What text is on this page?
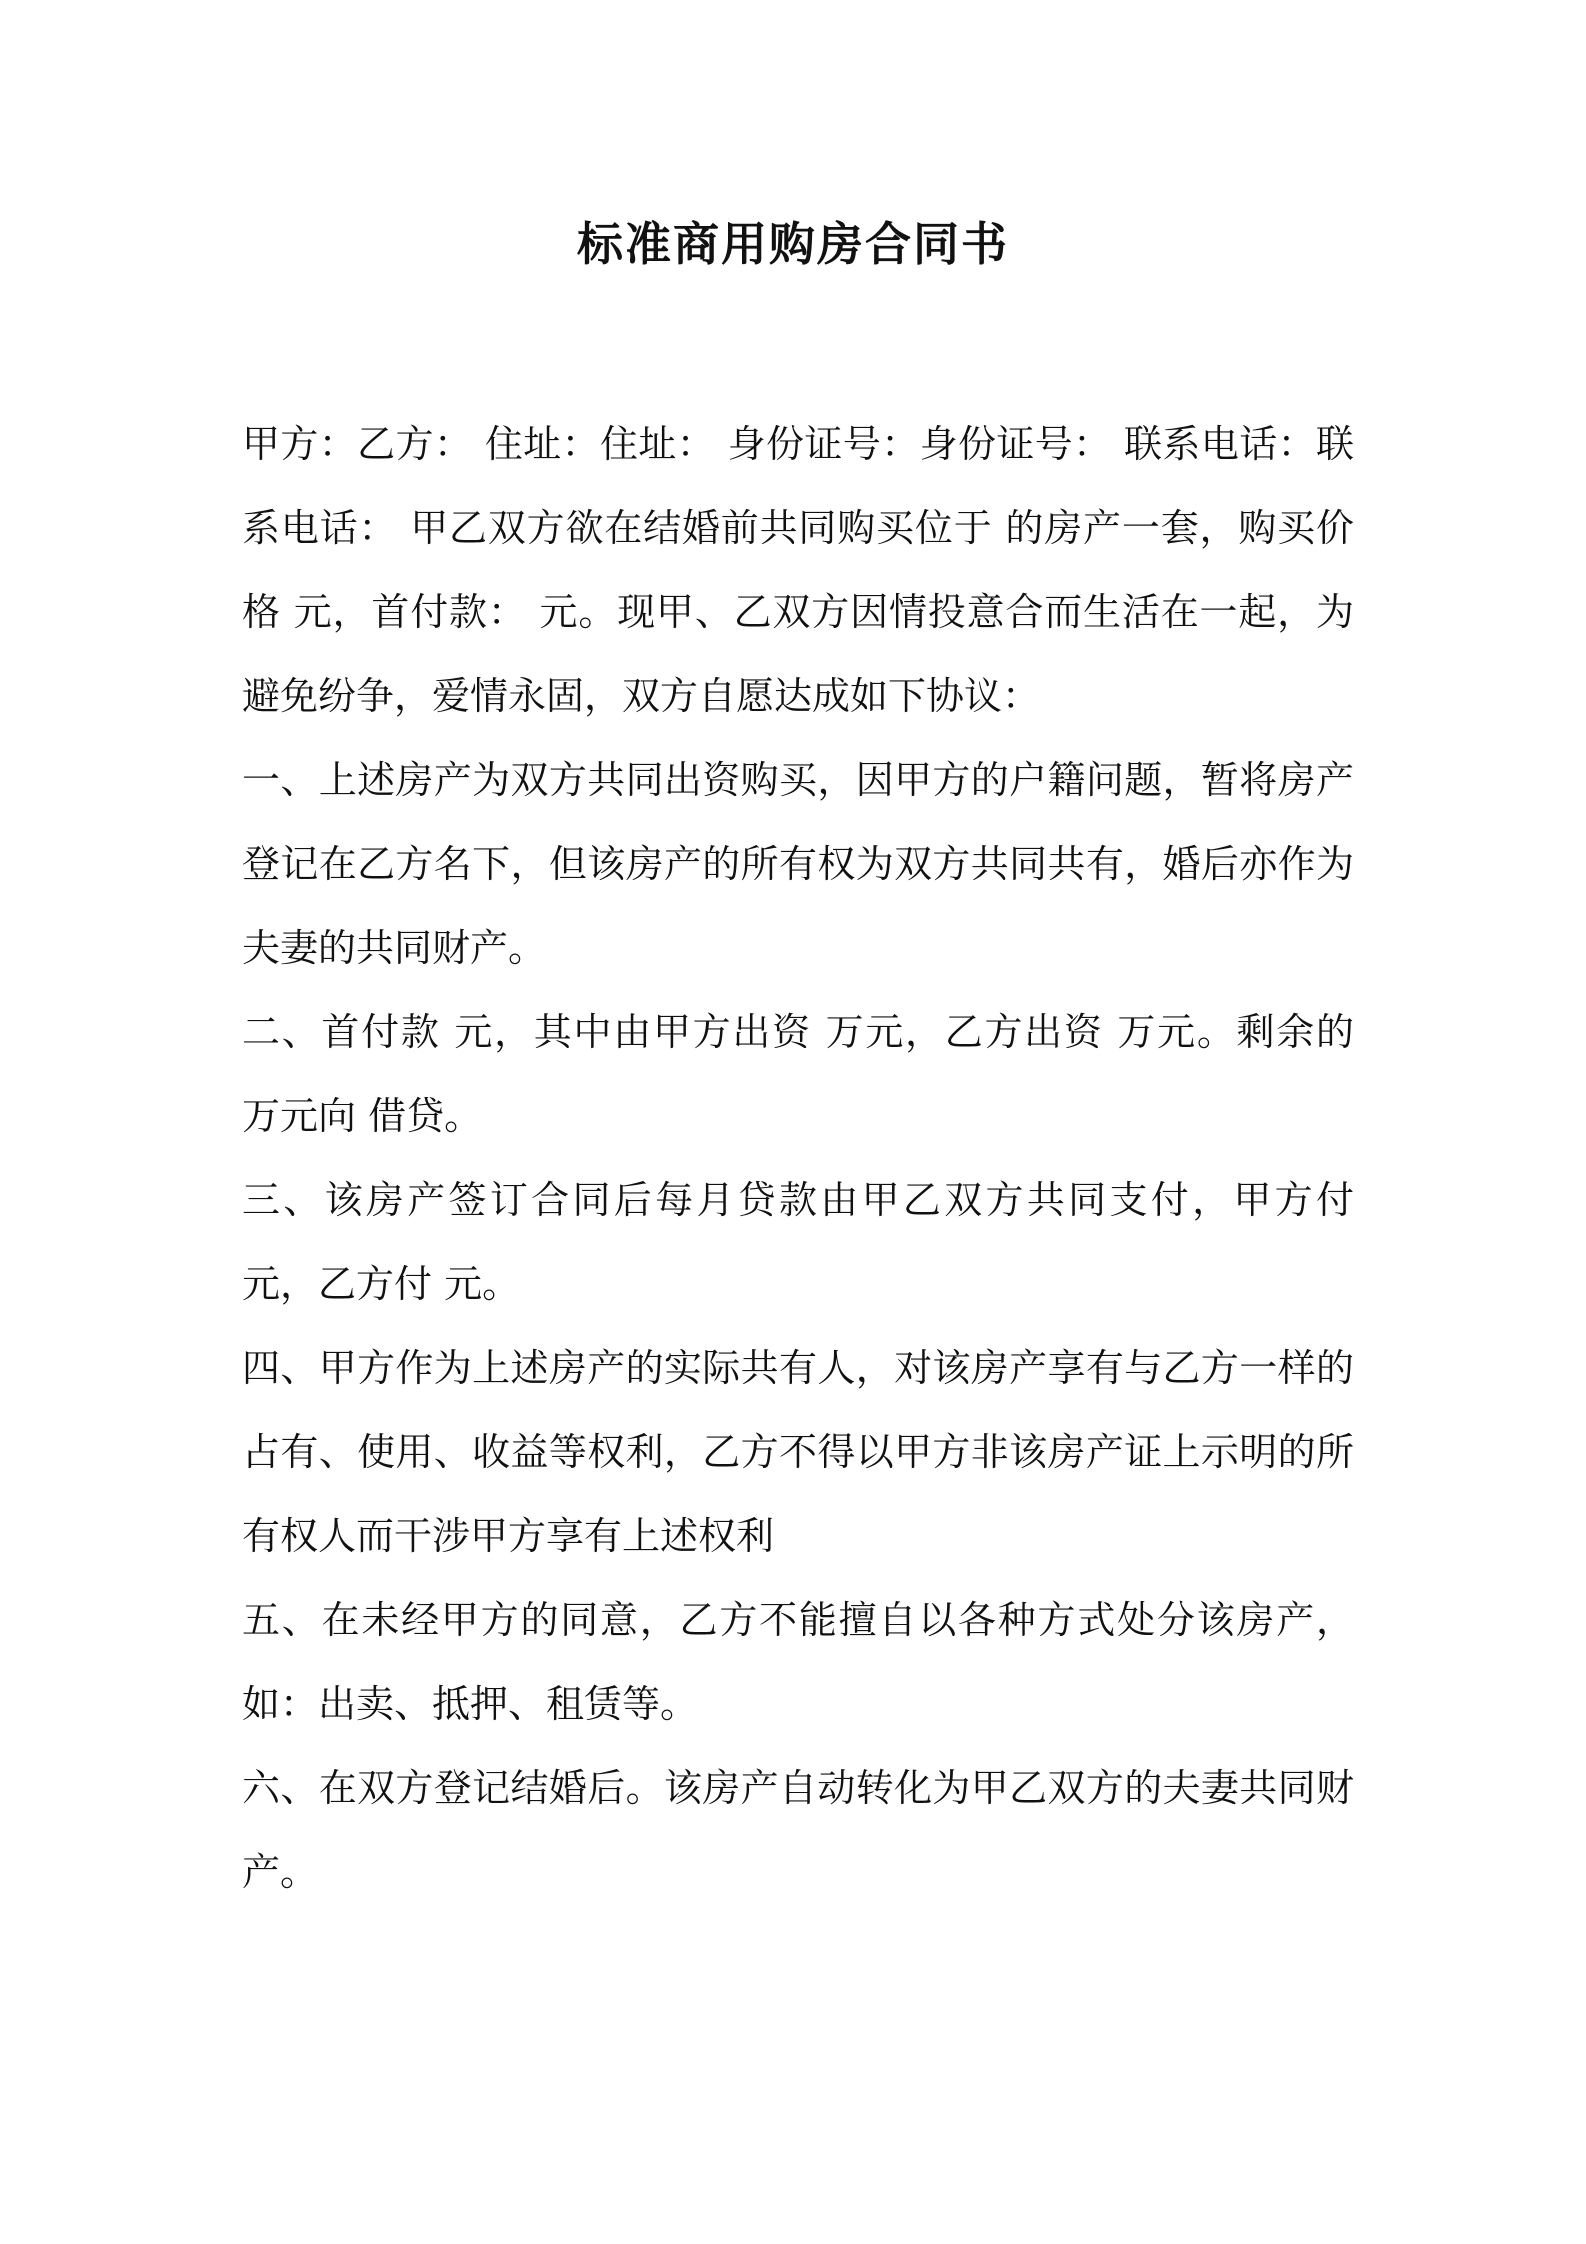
标准商用购房合同书

甲方：乙方： 住址：住址： 身份证号：身份证号： 联系电话：联系电话： 甲乙双方欲在结婚前共同购买位于 的房产一套，购买价格 元，首付款： 元。现甲、乙双方因情投意合而生活在一起，为避免纷争，爱情永固，双方自愿达成如下协议：

一、上述房产为双方共同出资购买，因甲方的户籍问题，暂将房产登记在乙方名下，但该房产的所有权为双方共同共有，婚后亦作为夫妻的共同财产。

二、首付款 元，其中由甲方出资 万元，乙方出资 万元。剩余的 万元向 借贷。

三、该房产签订合同后每月贷款由甲乙双方共同支付，甲方付 元，乙方付 元。

四、甲方作为上述房产的实际共有人，对该房产享有与乙方一样的占有、使用、收益等权利，乙方不得以甲方非该房产证上示明的所有权人而干涉甲方享有上述权利

五、在未经甲方的同意，乙方不能擅自以各种方式处分该房产，如：出卖、抵押、租赁等。

六、在双方登记结婚后。该房产自动转化为甲乙双方的夫妻共同财产。
